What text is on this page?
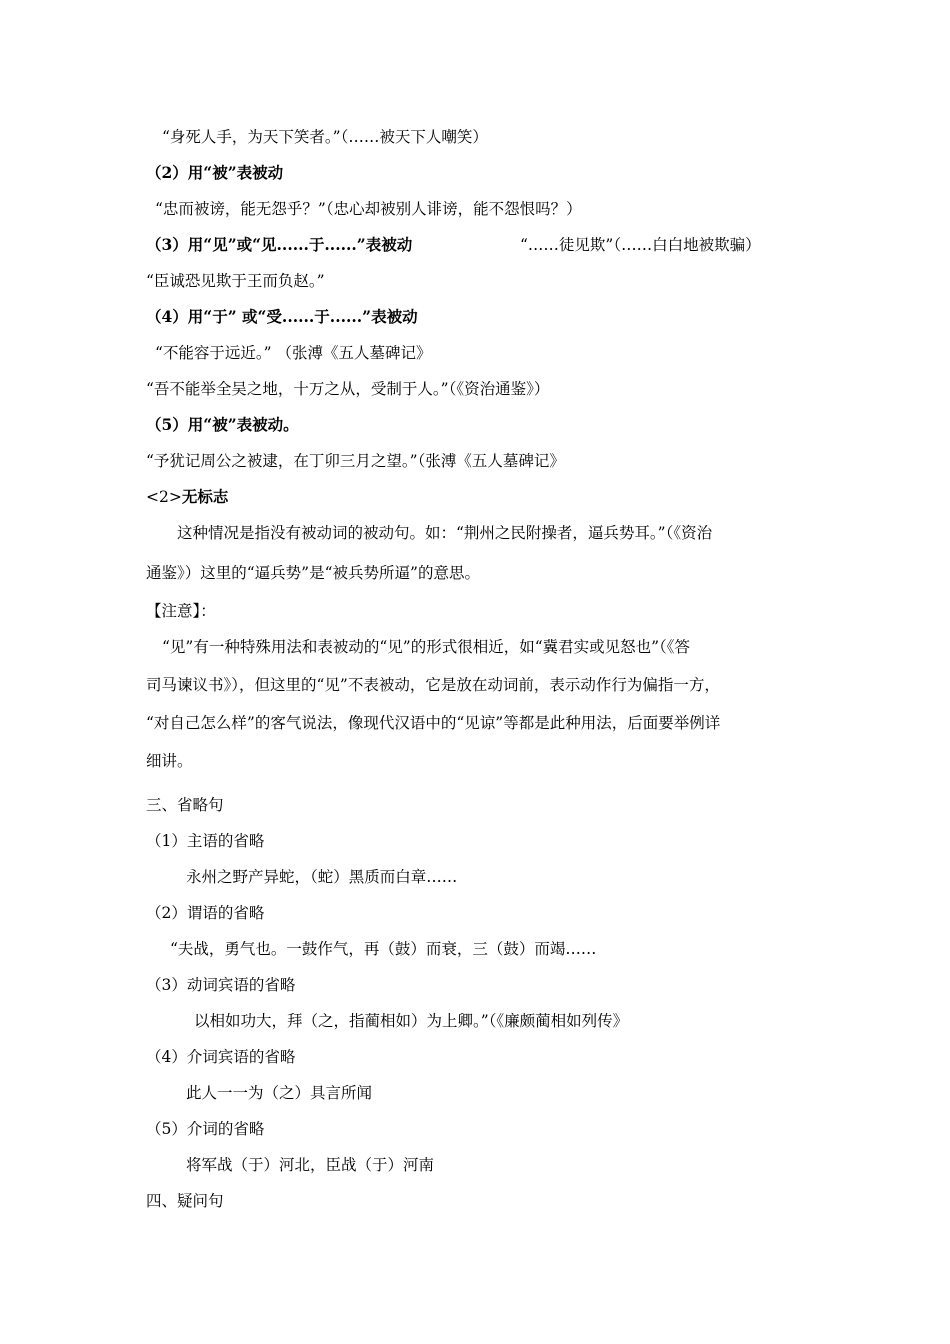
“身死人手，为天下笑者。”（……被天下人嘲笑）
（2）用“被”表被动
“忠而被谤，能无怨乎？”（忠心却被别人诽谤，能不怨恨吗？）
（3）用“见”或“见......于......”表被动	“……徒见欺”（……白白地被欺骗）
“臣诚恐见欺于王而负赵。”
（4）用“于” 或“受......于......”表被动
“不能容于远近。” （张溥《五人墓碑记》
“吾不能举全吴之地，十万之从，受制于人。”（《资治通鉴》）
（5）用“被”表被动。
“予犹记周公之被逮，在丁卯三月之望。”（张溥《五人墓碑记》
<2>无标志
这种情况是指没有被动词的被动句。如：“荆州之民附操者，逼兵势耳。”（《资治
通鉴》）这里的“逼兵势”是“被兵势所逼”的意思。
【注意】：
“见”有一种特殊用法和表被动的“见”的形式很相近，如“冀君实或见怒也”（《答
司马谏议书》），但这里的“见”不表被动，它是放在动词前，表示动作行为偏指一方，
“对自己怎么样”的客气说法，像现代汉语中的“见谅”等都是此种用法，后面要举例详
细讲。
三、省略句
（1）主语的省略
永州之野产异蛇，（蛇）黑质而白章……
（2）谓语的省略
“夫战，勇气也。一鼓作气，再（鼓）而衰，三（鼓）而竭……
（3）动词宾语的省略
以相如功大，拜（之，指蔺相如）为上卿。”（《廉颇蔺相如列传》
（4）介词宾语的省略
此人一一为（之）具言所闻
（5）介词的省略
将军战（于）河北，臣战（于）河南
四、疑问句
